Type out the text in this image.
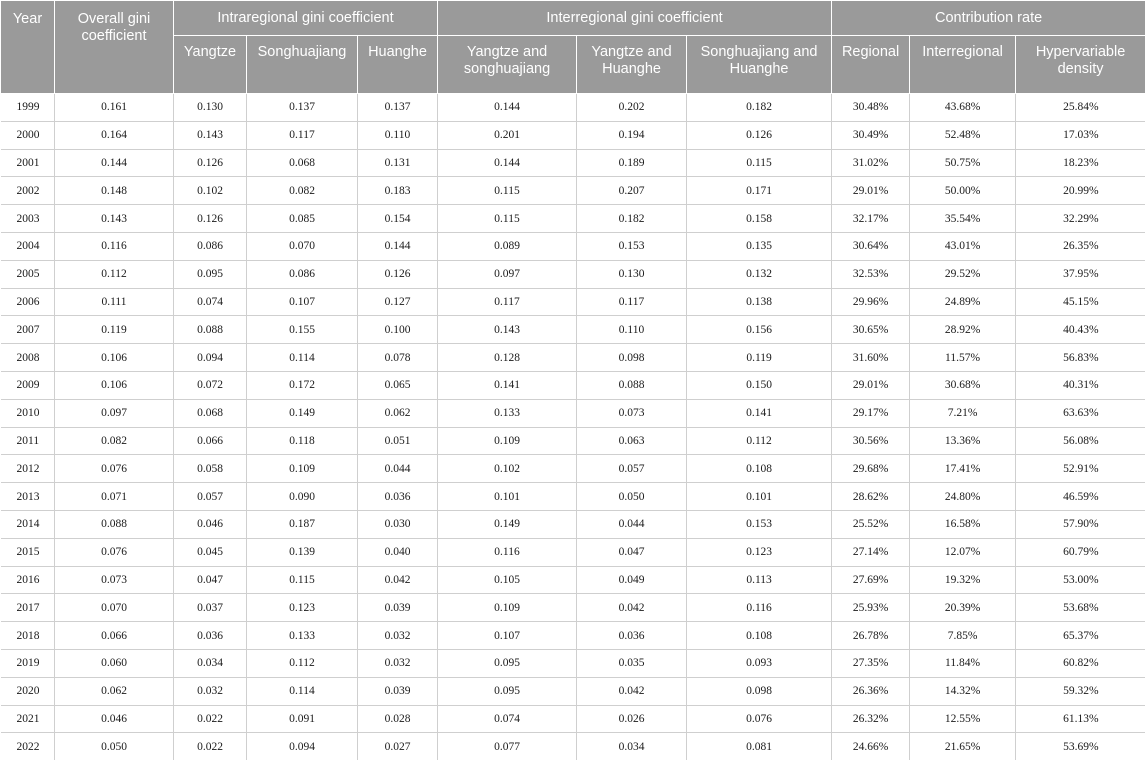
Year	Overall gini coefficient	Intraregional gini coefficient			Interregional gini coefficient			Contribution rate		
		Yangtze	Songhuajiang	Huanghe	Yangtze and songhuajiang	Yangtze and Huanghe	Songhuajiang and Huanghe	Regional	Interregional	Hypervariable density
1999	0.161	0.130	0.137	0.137	0.144	0.202	0.182	30.48%	43.68%	25.84%
2000	0.164	0.143	0.117	0.110	0.201	0.194	0.126	30.49%	52.48%	17.03%
2001	0.144	0.126	0.068	0.131	0.144	0.189	0.115	31.02%	50.75%	18.23%
2002	0.148	0.102	0.082	0.183	0.115	0.207	0.171	29.01%	50.00%	20.99%
2003	0.143	0.126	0.085	0.154	0.115	0.182	0.158	32.17%	35.54%	32.29%
2004	0.116	0.086	0.070	0.144	0.089	0.153	0.135	30.64%	43.01%	26.35%
2005	0.112	0.095	0.086	0.126	0.097	0.130	0.132	32.53%	29.52%	37.95%
2006	0.111	0.074	0.107	0.127	0.117	0.117	0.138	29.96%	24.89%	45.15%
2007	0.119	0.088	0.155	0.100	0.143	0.110	0.156	30.65%	28.92%	40.43%
2008	0.106	0.094	0.114	0.078	0.128	0.098	0.119	31.60%	11.57%	56.83%
2009	0.106	0.072	0.172	0.065	0.141	0.088	0.150	29.01%	30.68%	40.31%
2010	0.097	0.068	0.149	0.062	0.133	0.073	0.141	29.17%	7.21%	63.63%
2011	0.082	0.066	0.118	0.051	0.109	0.063	0.112	30.56%	13.36%	56.08%
2012	0.076	0.058	0.109	0.044	0.102	0.057	0.108	29.68%	17.41%	52.91%
2013	0.071	0.057	0.090	0.036	0.101	0.050	0.101	28.62%	24.80%	46.59%
2014	0.088	0.046	0.187	0.030	0.149	0.044	0.153	25.52%	16.58%	57.90%
2015	0.076	0.045	0.139	0.040	0.116	0.047	0.123	27.14%	12.07%	60.79%
2016	0.073	0.047	0.115	0.042	0.105	0.049	0.113	27.69%	19.32%	53.00%
2017	0.070	0.037	0.123	0.039	0.109	0.042	0.116	25.93%	20.39%	53.68%
2018	0.066	0.036	0.133	0.032	0.107	0.036	0.108	26.78%	7.85%	65.37%
2019	0.060	0.034	0.112	0.032	0.095	0.035	0.093	27.35%	11.84%	60.82%
2020	0.062	0.032	0.114	0.039	0.095	0.042	0.098	26.36%	14.32%	59.32%
2021	0.046	0.022	0.091	0.028	0.074	0.026	0.076	26.32%	12.55%	61.13%
2022	0.050	0.022	0.094	0.027	0.077	0.034	0.081	24.66%	21.65%	53.69%
